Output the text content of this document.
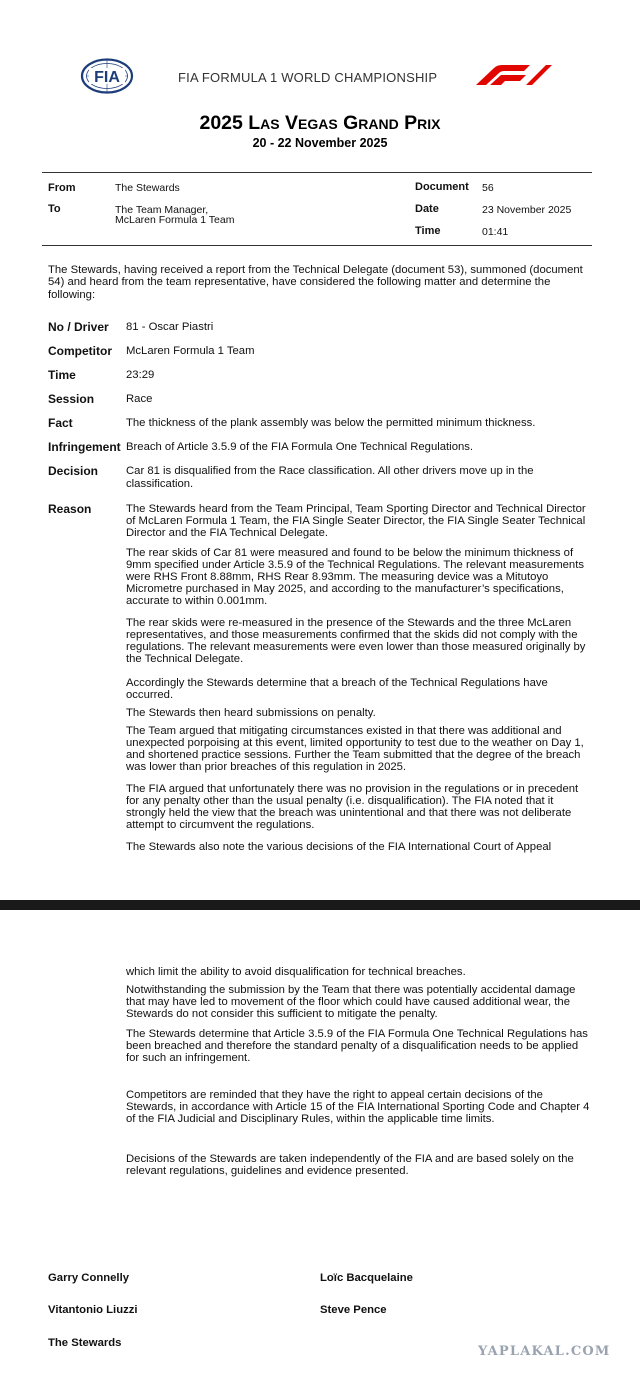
FIA	FIA FORMULA 1 WORLD CHAMPIONSHIP
2025 Las Vegas Grand Prix
20 - 22 November 2025
From	The Stewards
To	The Team Manager,
McLaren Formula 1 Team
Document 56
Date	23 November 2025
Time	01:41
The Stewards, having received a report from the Technical Delegate (document 53), summoned (document 54) and heard from the team representative, have considered the following matter and determine the following:
No / Driver 81 - Oscar Piastri
Competitor McLaren Formula 1 Team
Time	23:29
Session	Race
Fact	The thickness of the plank assembly was below the permitted minimum thickness.
Infringement Breach of Article 3.5.9 of the FIA Formula One Technical Regulations.
Decision Car 81 is disqualified from the Race classification. All other drivers move up in the classification.
Reason	The Stewards heard from the Team Principal, Team Sporting Director and Technical Director of McLaren Formula 1 Team, the FIA Single Seater Director, the FIA Single Seater Technical Director and the FIA Technical Delegate.

The rear skids of Car 81 were measured and found to be below the minimum thickness of 9mm specified under Article 3.5.9 of the Technical Regulations. The relevant measurements were RHS Front 8.88mm, RHS Rear 8.93mm. The measuring device was a Mitutoyo Micrometre purchased in May 2025, and according to the manufacturer’s specifications, accurate to within 0.001mm.

The rear skids were re-measured in the presence of the Stewards and the three McLaren representatives, and those measurements confirmed that the skids did not comply with the regulations. The relevant measurements were even lower than those measured originally by the Technical Delegate.

Accordingly the Stewards determine that a breach of the Technical Regulations have occurred.

The Stewards then heard submissions on penalty.

The Team argued that mitigating circumstances existed in that there was additional and unexpected porpoising at this event, limited opportunity to test due to the weather on Day 1, and shortened practice sessions. Further the Team submitted that the degree of the breach was lower than prior breaches of this regulation in 2025.

The FIA argued that unfortunately there was no provision in the regulations or in precedent for any penalty other than the usual penalty (i.e. disqualification). The FIA noted that it strongly held the view that the breach was unintentional and that there was not deliberate attempt to circumvent the regulations.

The Stewards also note the various decisions of the FIA International Court of Appeal

which limit the ability to avoid disqualification for technical breaches.

Notwithstanding the submission by the Team that there was potentially accidental damage that may have led to movement of the floor which could have caused additional wear, the Stewards do not consider this sufficient to mitigate the penalty.

The Stewards determine that Article 3.5.9 of the FIA Formula One Technical Regulations has been breached and therefore the standard penalty of a disqualification needs to be applied for such an infringement.

Competitors are reminded that they have the right to appeal certain decisions of the Stewards, in accordance with Article 15 of the FIA International Sporting Code and Chapter 4 of the FIA Judicial and Disciplinary Rules, within the applicable time limits.

Decisions of the Stewards are taken independently of the FIA and are based solely on the relevant regulations, guidelines and evidence presented.

Garry Connelly	Loïc Bacquelaine
Vitantonio Liuzzi	Steve Pence
The Stewards
YAPLAKAL.COM
